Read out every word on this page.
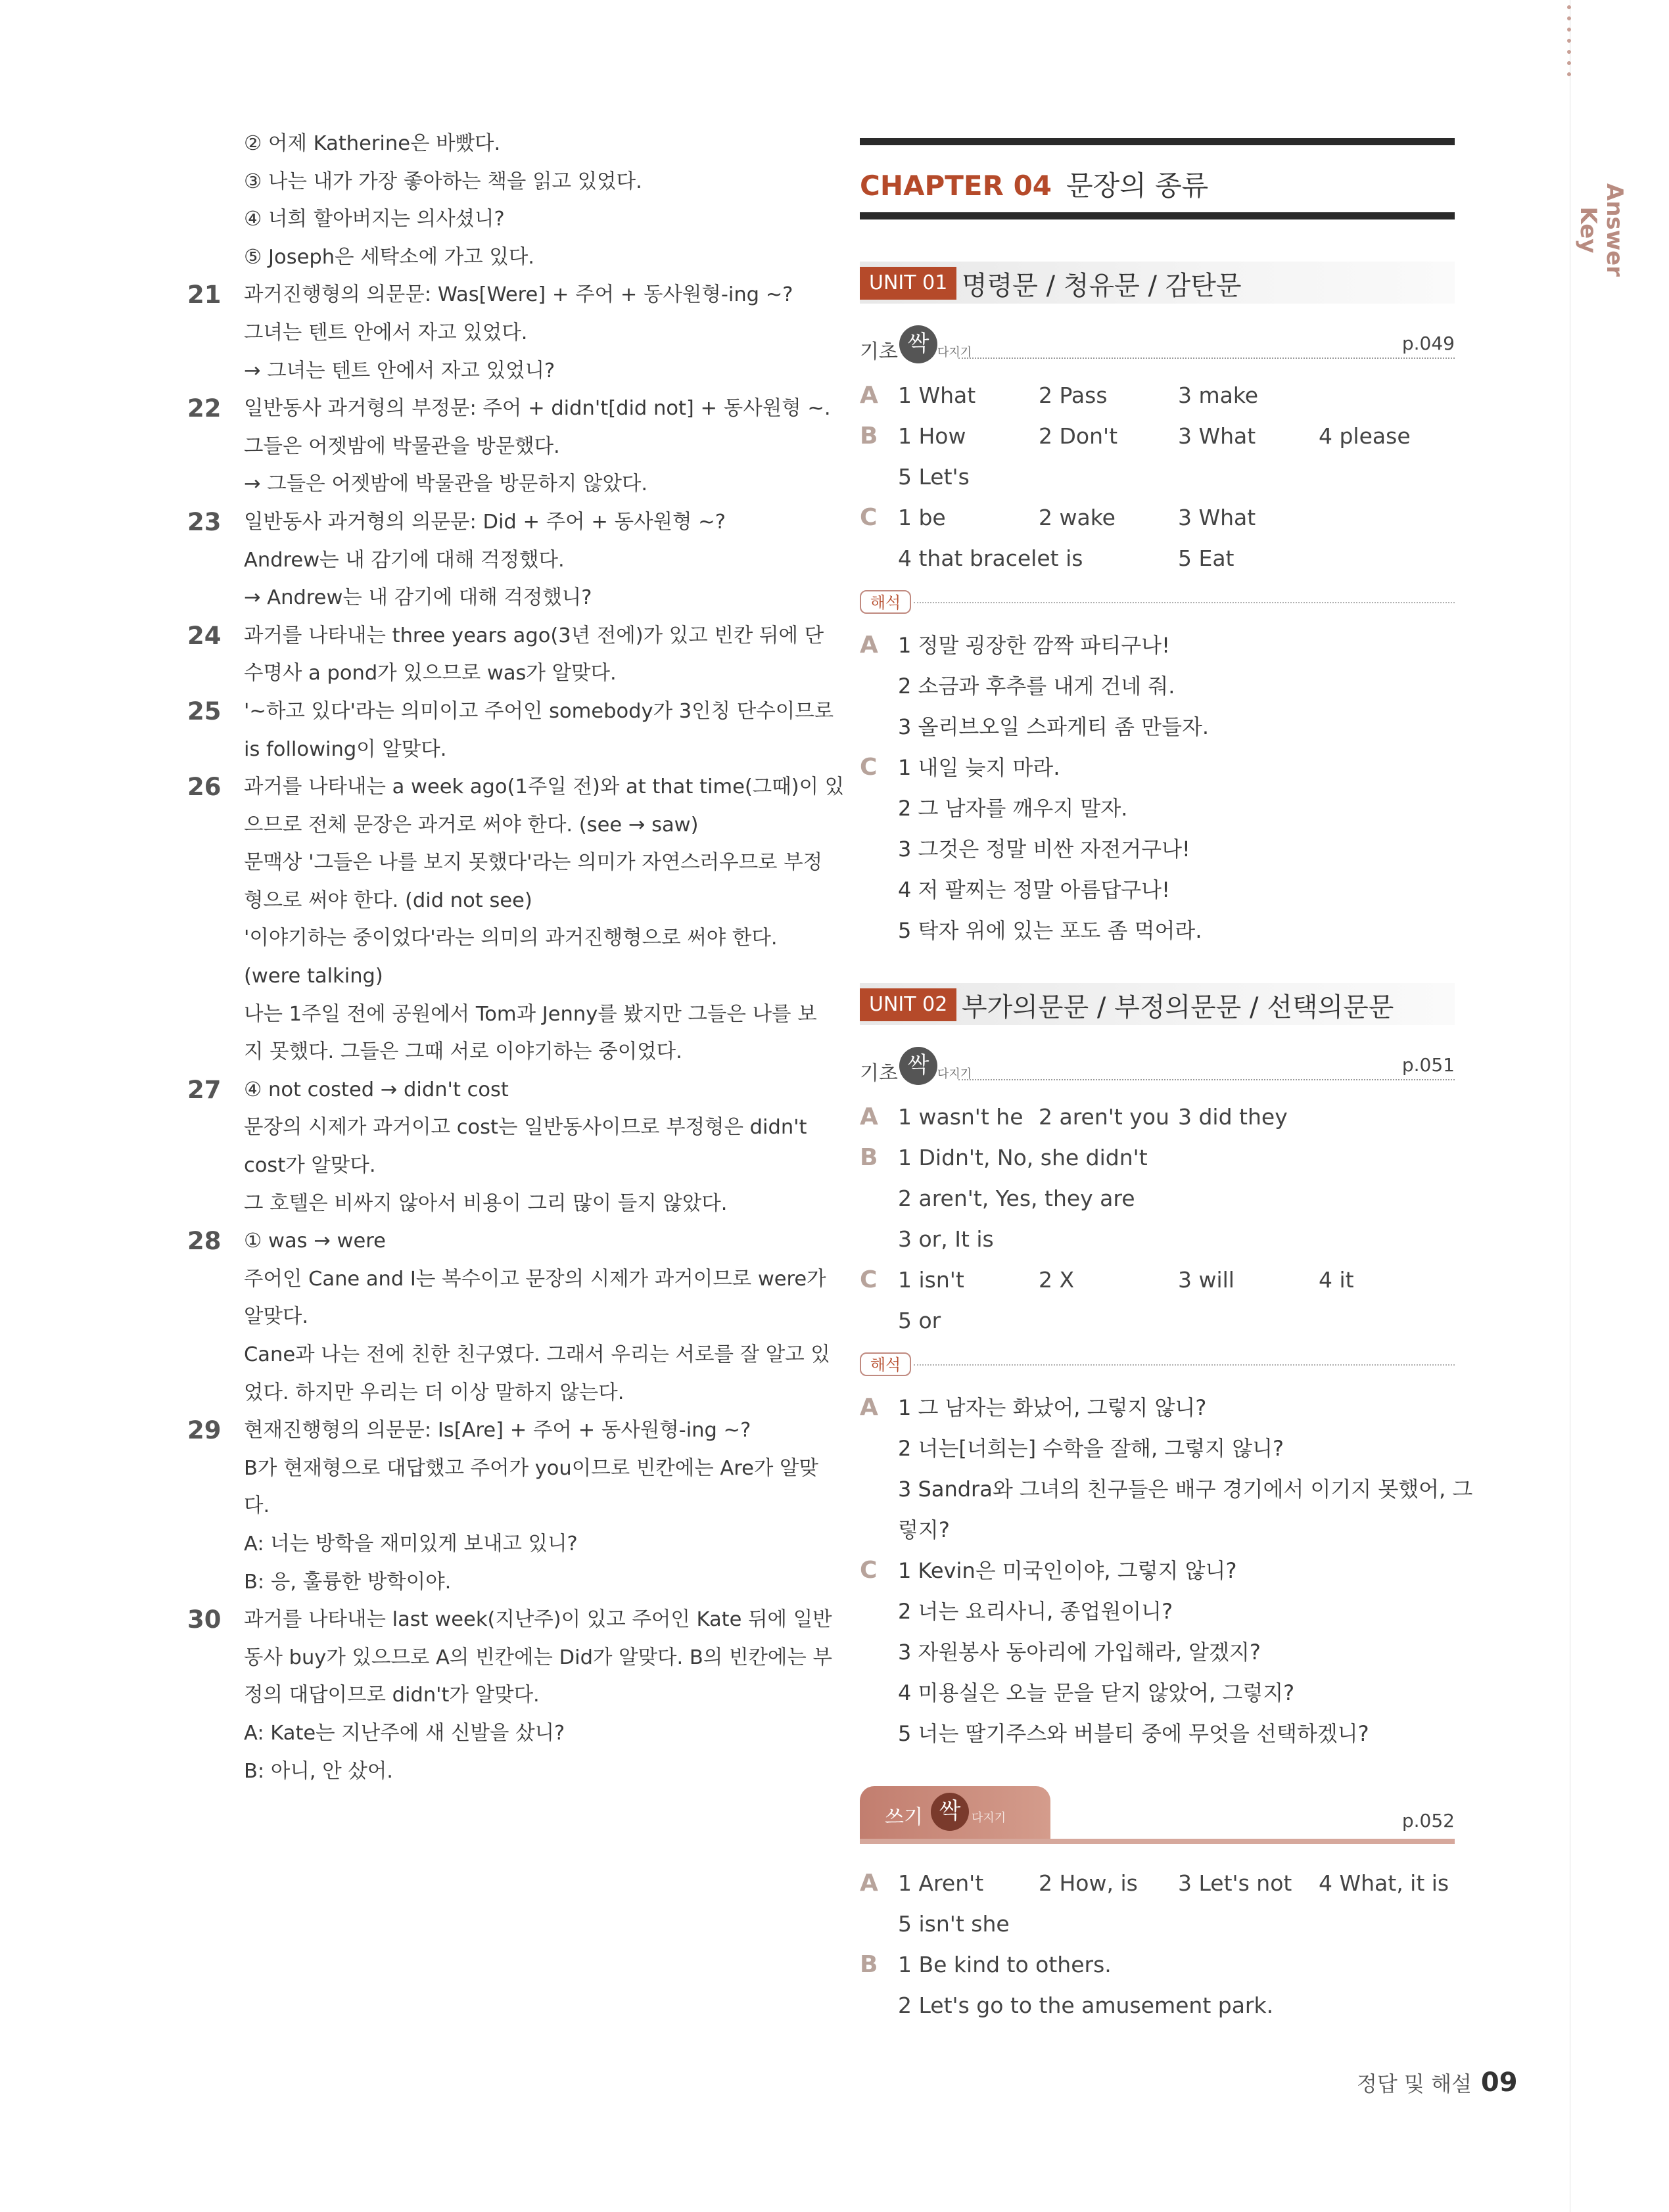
Answer Key
② 어제 Katherine은 바빴다.
③ 나는 내가 가장 좋아하는 책을 읽고 있었다.
④ 너희 할아버지는 의사셨니?
⑤ Joseph은 세탁소에 가고 있다.
21 과거진행형의 의문문: Was[Were] + 주어 + 동사원형-ing ~?
그녀는 텐트 안에서 자고 있었다.
→ 그녀는 텐트 안에서 자고 있었니?
22 일반동사 과거형의 부정문: 주어 + didn't[did not] + 동사원형 ~.
그들은 어젯밤에 박물관을 방문했다.
→ 그들은 어젯밤에 박물관을 방문하지 않았다.
23 일반동사 과거형의 의문문: Did + 주어 + 동사원형 ~?
Andrew는 내 감기에 대해 걱정했다.
→ Andrew는 내 감기에 대해 걱정했니?
24 과거를 나타내는 three years ago(3년 전에)가 있고 빈칸 뒤에 단
수명사 a pond가 있으므로 was가 알맞다.
25 '~하고 있다'라는 의미이고 주어인 somebody가 3인칭 단수이므로
is following이 알맞다.
26 과거를 나타내는 a week ago(1주일 전)와 at that time(그때)이 있
으므로 전체 문장은 과거로 써야 한다. (see → saw)
문맥상 '그들은 나를 보지 못했다'라는 의미가 자연스러우므로 부정
형으로 써야 한다. (did not see)
'이야기하는 중이었다'라는 의미의 과거진행형으로 써야 한다.
(were talking)
나는 1주일 전에 공원에서 Tom과 Jenny를 봤지만 그들은 나를 보
지 못했다. 그들은 그때 서로 이야기하는 중이었다.
27 ④ not costed → didn't cost
문장의 시제가 과거이고 cost는 일반동사이므로 부정형은 didn't
cost가 알맞다.
그 호텔은 비싸지 않아서 비용이 그리 많이 들지 않았다.
28 ① was → were
주어인 Cane and I는 복수이고 문장의 시제가 과거이므로 were가
알맞다.
Cane과 나는 전에 친한 친구였다. 그래서 우리는 서로를 잘 알고 있
었다. 하지만 우리는 더 이상 말하지 않는다.
29 현재진행형의 의문문: Is[Are] + 주어 + 동사원형-ing ~?
B가 현재형으로 대답했고 주어가 you이므로 빈칸에는 Are가 알맞
다.
A: 너는 방학을 재미있게 보내고 있니?
B: 응, 훌륭한 방학이야.
30 과거를 나타내는 last week(지난주)이 있고 주어인 Kate 뒤에 일반
동사 buy가 있으므로 A의 빈칸에는 Did가 알맞다. B의 빈칸에는 부
정의 대답이므로 didn't가 알맞다.
A: Kate는 지난주에 새 신발을 샀니?
B: 아니, 안 샀어.
CHAPTER 04 문장의 종류
UNIT 01 명령문 / 청유문 / 감탄문
기초 싹 다지기	p.049
A 1 What	2 Pass	3 make
B 1 How	2 Don't	3 What	4 please
5 Let's
C 1 be	2 wake	3 What
4 that bracelet is	5 Eat
해석
A 1 정말 굉장한 깜짝 파티구나!
2 소금과 후추를 내게 건네 줘.
3 올리브오일 스파게티 좀 만들자.
C 1 내일 늦지 마라.
2 그 남자를 깨우지 말자.
3 그것은 정말 비싼 자전거구나!
4 저 팔찌는 정말 아름답구나!
5 탁자 위에 있는 포도 좀 먹어라.
UNIT 02 부가의문문 / 부정의문문 / 선택의문문
기초 싹 다지기	p.051
A 1 wasn't he 2 aren't you 3 did they
B 1 Didn't, No, she didn't
2 aren't, Yes, they are
3 or, It is
C 1 isn't	2 X	3 will	4 it
5 or
해석
A 1 그 남자는 화났어, 그렇지 않니?
2 너는[너희는] 수학을 잘해, 그렇지 않니?
3 Sandra와 그녀의 친구들은 배구 경기에서 이기지 못했어, 그
렇지?
C 1 Kevin은 미국인이야, 그렇지 않니?
2 너는 요리사니, 종업원이니?
3 자원봉사 동아리에 가입해라, 알겠지?
4 미용실은 오늘 문을 닫지 않았어, 그렇지?
5 너는 딸기주스와 버블티 중에 무엇을 선택하겠니?
쓰기 싹 다지기	p.052
A 1 Aren't	2 How, is 3 Let's not 4 What, it is
5 isn't she
B 1 Be kind to others.
2 Let's go to the amusement park.
정답 및 해설 09
